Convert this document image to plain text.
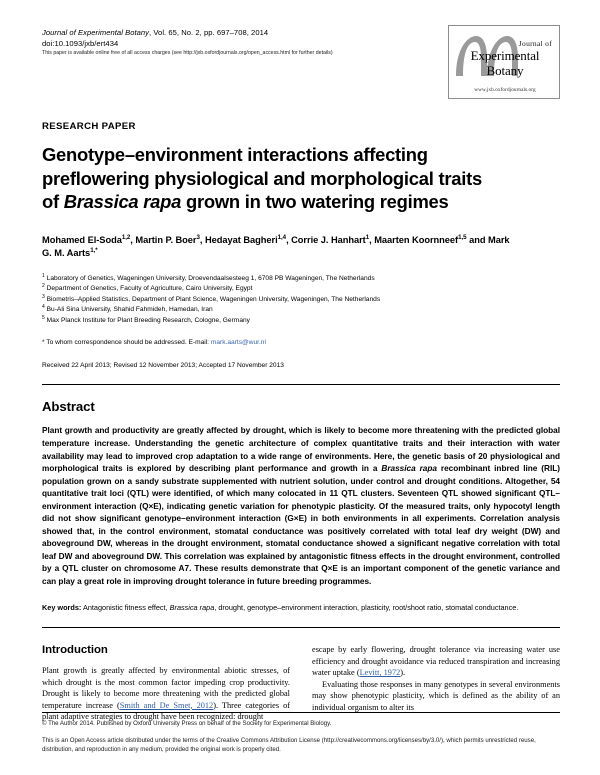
Journal of Experimental Botany, Vol. 65, No. 2, pp. 697–708, 2014
doi:10.1093/jxb/ert434
This paper is available online free of all access charges (see http://jxb.oxfordjournals.org/open_access.html for further details)
Journal of
Experimental
Botany
www.jxb.oxfordjournals.org
RESEARCH PAPER
Genotype–environment interactions affecting preflowering physiological and morphological traits of Brassica rapa grown in two watering regimes
Mohamed El-Soda$^{1,2}$, Martin P. Boer$^3$, Hedayat Bagheri$^{1,4}$, Corrie J. Hanhart$^1$, Maarten Koornneef$^{1,5}$ and Mark G. M. Aarts$^{1,*}$
$^1$ Laboratory of Genetics, Wageningen University, Droevendaalsesteeg 1, 6708 PB Wageningen, The Netherlands
$^2$ Department of Genetics, Faculty of Agriculture, Cairo University, Egypt
$^3$ Biometris–Applied Statistics, Department of Plant Science, Wageningen University, Wageningen, The Netherlands
$^4$ Bu-Ali Sina University, Shahid Fahmideh, Hamedan, Iran
$^5$ Max Planck Institute for Plant Breeding Research, Cologne, Germany
* To whom correspondence should be addressed. E-mail: mark.aarts@wur.nl
Received 22 April 2013; Revised 12 November 2013; Accepted 17 November 2013
Abstract
Plant growth and productivity are greatly affected by drought, which is likely to become more threatening with the predicted global temperature increase. Understanding the genetic architecture of complex quantitative traits and their interaction with water availability may lead to improved crop adaptation to a wide range of environments. Here, the genetic basis of 20 physiological and morphological traits is explored by describing plant performance and growth in a Brassica rapa recombinant inbred line (RIL) population grown on a sandy substrate supplemented with nutrient solution, under control and drought conditions. Altogether, 54 quantitative trait loci (QTL) were identified, of which many colocated in 11 QTL clusters. Seventeen QTL showed significant QTL–environment interaction (Q×E), indicating genetic variation for phenotypic plasticity. Of the measured traits, only hypocotyl length did not show significant genotype–environment interaction (G×E) in both environments in all experiments. Correlation analysis showed that, in the control environment, stomatal conductance was positively correlated with total leaf dry weight (DW) and aboveground DW, whereas in the drought environment, stomatal conductance showed a significant negative correlation with total leaf DW and aboveground DW. This correlation was explained by antagonistic fitness effects in the drought environment, controlled by a QTL cluster on chromosome A7. These results demonstrate that Q×E is an important component of the genetic variance and can play a great role in improving drought tolerance in future breeding programmes.
Key words: Antagonistic fitness effect, Brassica rapa, drought, genotype–environment interaction, plasticity, root/shoot ratio, stomatal conductance.
Introduction

Plant growth is greatly affected by environmental abiotic stresses, of which drought is the most common factor impeding crop productivity. Drought is likely to become more threatening with the predicted global temperature increase (Smith and De Smet, 2012). Three categories of plant adaptive strategies to drought have been recognized: drought

escape by early flowering, drought tolerance via increasing water use efficiency and drought avoidance via reduced transpiration and increasing water uptake (Levitt, 1972).

Evaluating those responses in many genotypes in several environments may show phenotypic plasticity, which is defined as the ability of an individual organism to alter its

© The Author 2014. Published by Oxford University Press on behalf of the Society for Experimental Biology.
This is an Open Access article distributed under the terms of the Creative Commons Attribution License (http://creativecommons.org/licenses/by/3.0/), which permits unrestricted reuse, distribution, and reproduction in any medium, provided the original work is properly cited.
